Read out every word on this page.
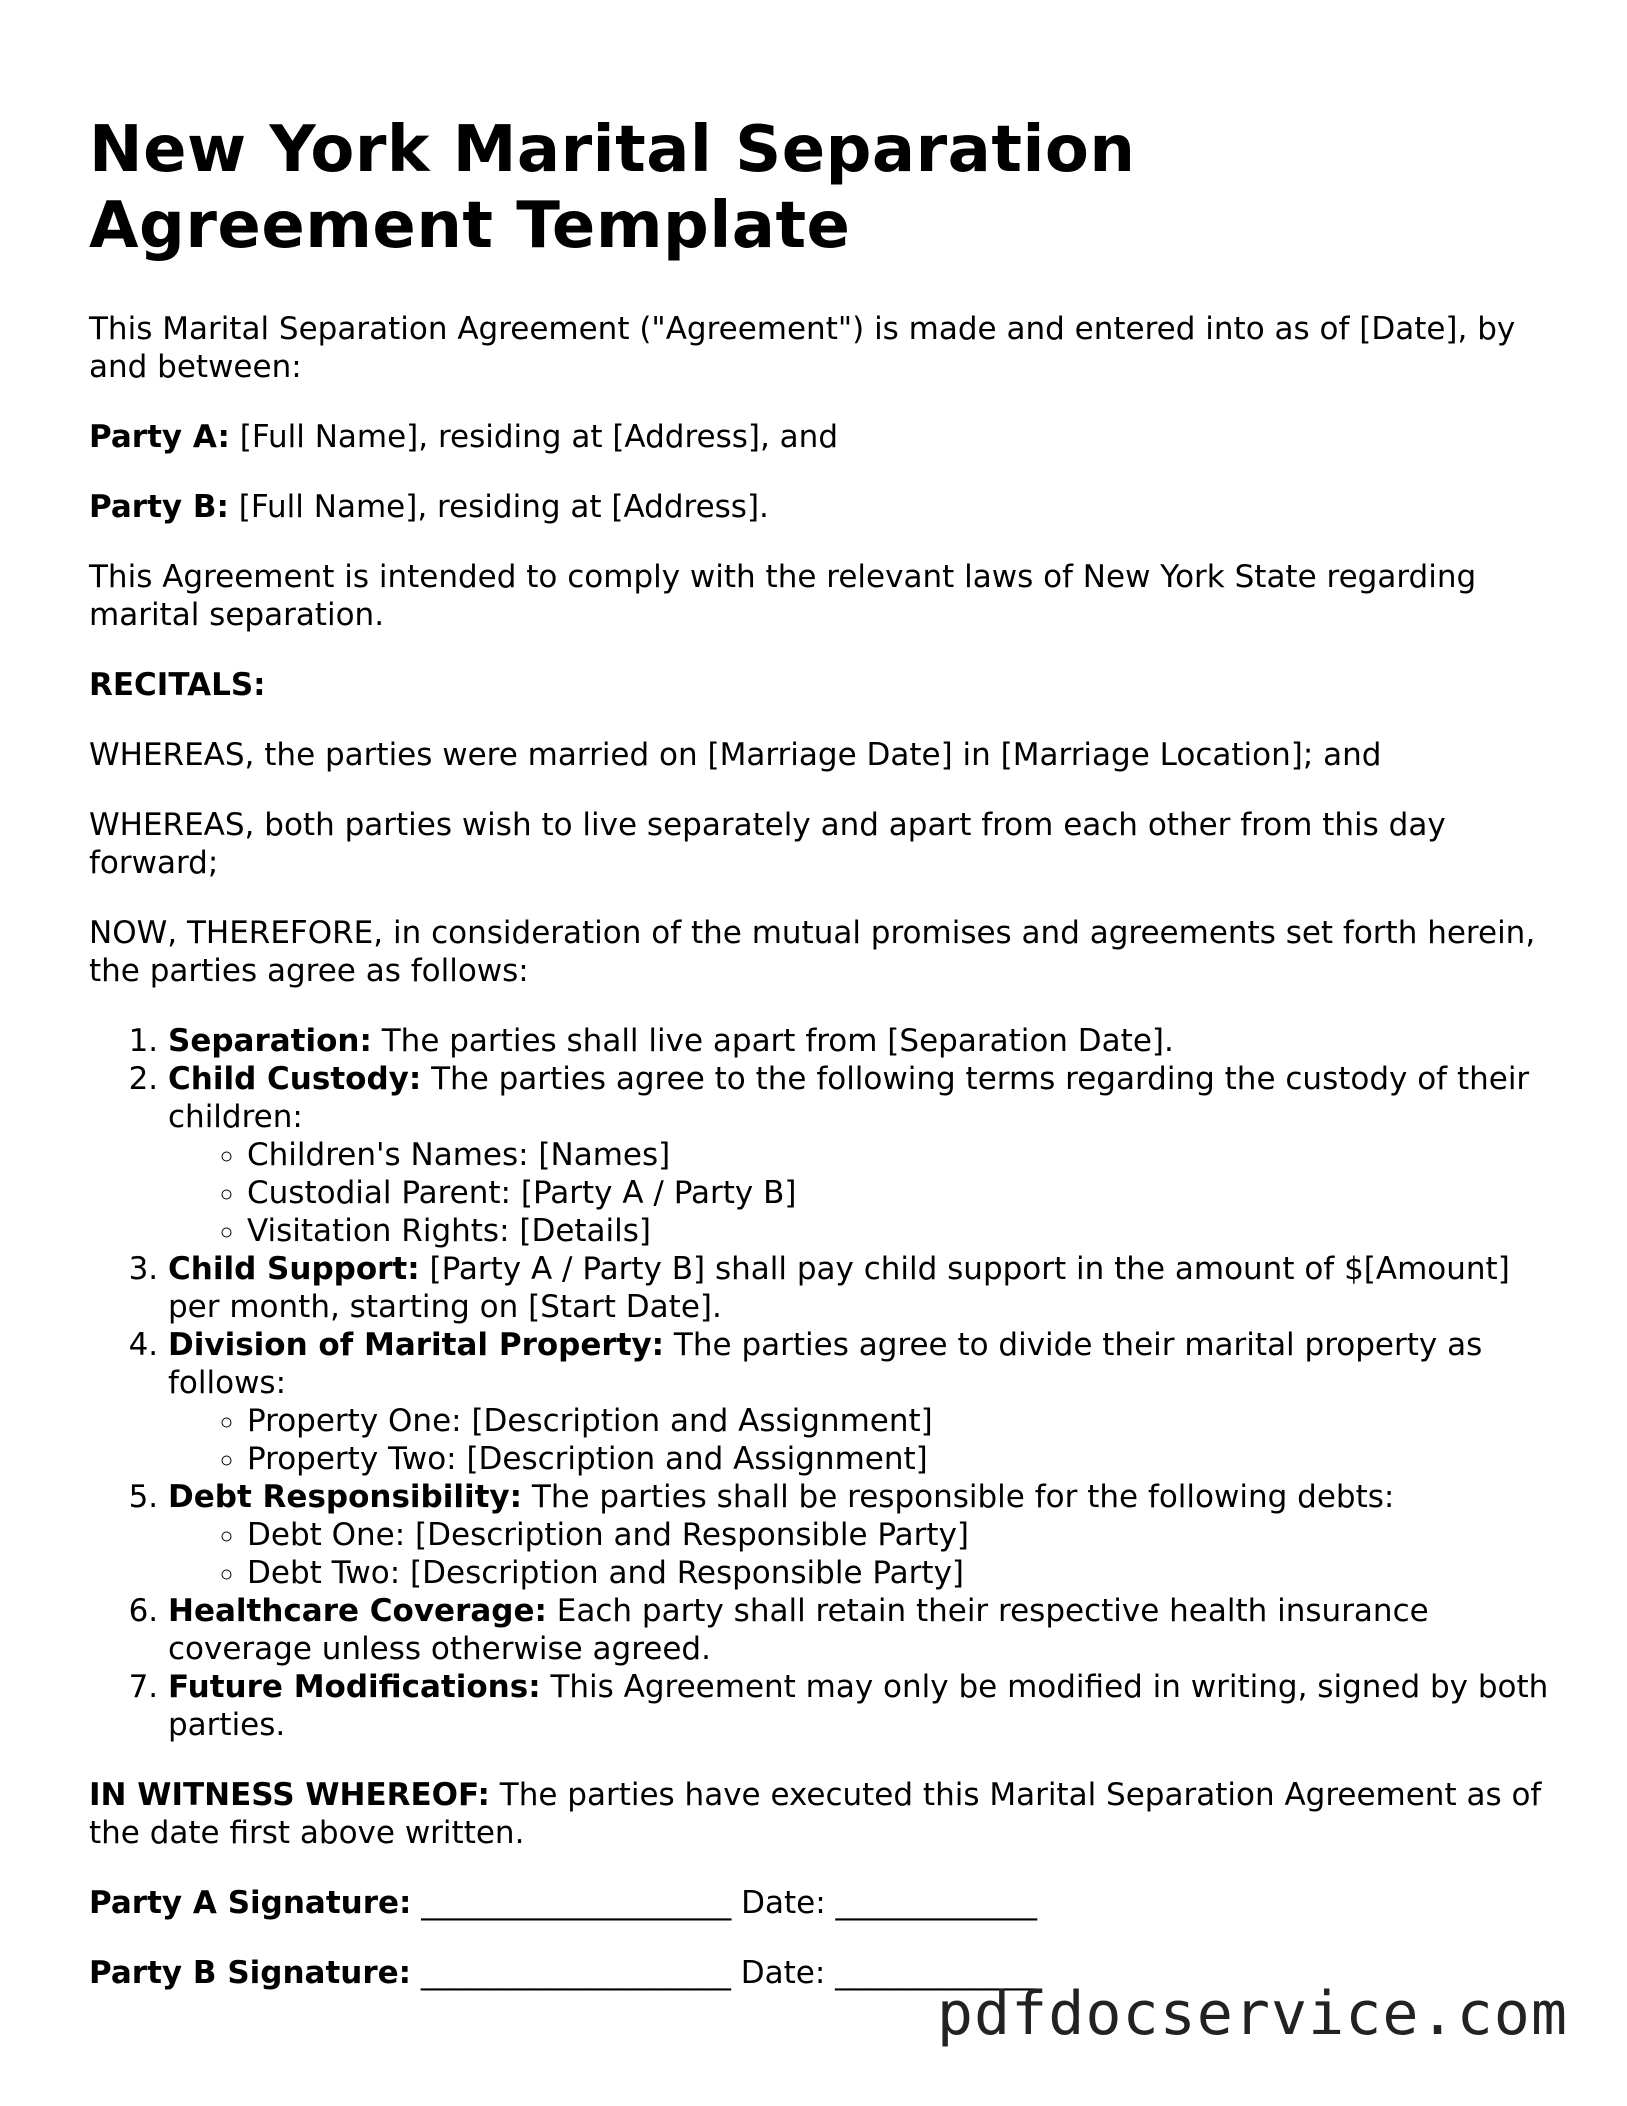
New York Marital Separation Agreement Template

This Marital Separation Agreement ("Agreement") is made and entered into as of [Date], by and between:

Party A: [Full Name], residing at [Address], and

Party B: [Full Name], residing at [Address].

This Agreement is intended to comply with the relevant laws of New York State regarding marital separation.

RECITALS:

WHEREAS, the parties were married on [Marriage Date] in [Marriage Location]; and

WHEREAS, both parties wish to live separately and apart from each other from this day forward;

NOW, THEREFORE, in consideration of the mutual promises and agreements set forth herein, the parties agree as follows:

1. Separation: The parties shall live apart from [Separation Date].
2. Child Custody: The parties agree to the following terms regarding the custody of their children:
◦ Children's Names: [Names]
◦ Custodial Parent: [Party A / Party B]
◦ Visitation Rights: [Details]
3. Child Support: [Party A / Party B] shall pay child support in the amount of $[Amount] per month, starting on [Start Date].
4. Division of Marital Property: The parties agree to divide their marital property as follows:
◦ Property One: [Description and Assignment]
◦ Property Two: [Description and Assignment]
5. Debt Responsibility: The parties shall be responsible for the following debts:
◦ Debt One: [Description and Responsible Party]
◦ Debt Two: [Description and Responsible Party]
6. Healthcare Coverage: Each party shall retain their respective health insurance coverage unless otherwise agreed.
7. Future Modifications: This Agreement may only be modified in writing, signed by both parties.

IN WITNESS WHEREOF: The parties have executed this Marital Separation Agreement as of the date first above written.

Party A Signature: ____________________ Date: _____________

Party B Signature: ____________________ Date: _____________

pdfdocservice.com
